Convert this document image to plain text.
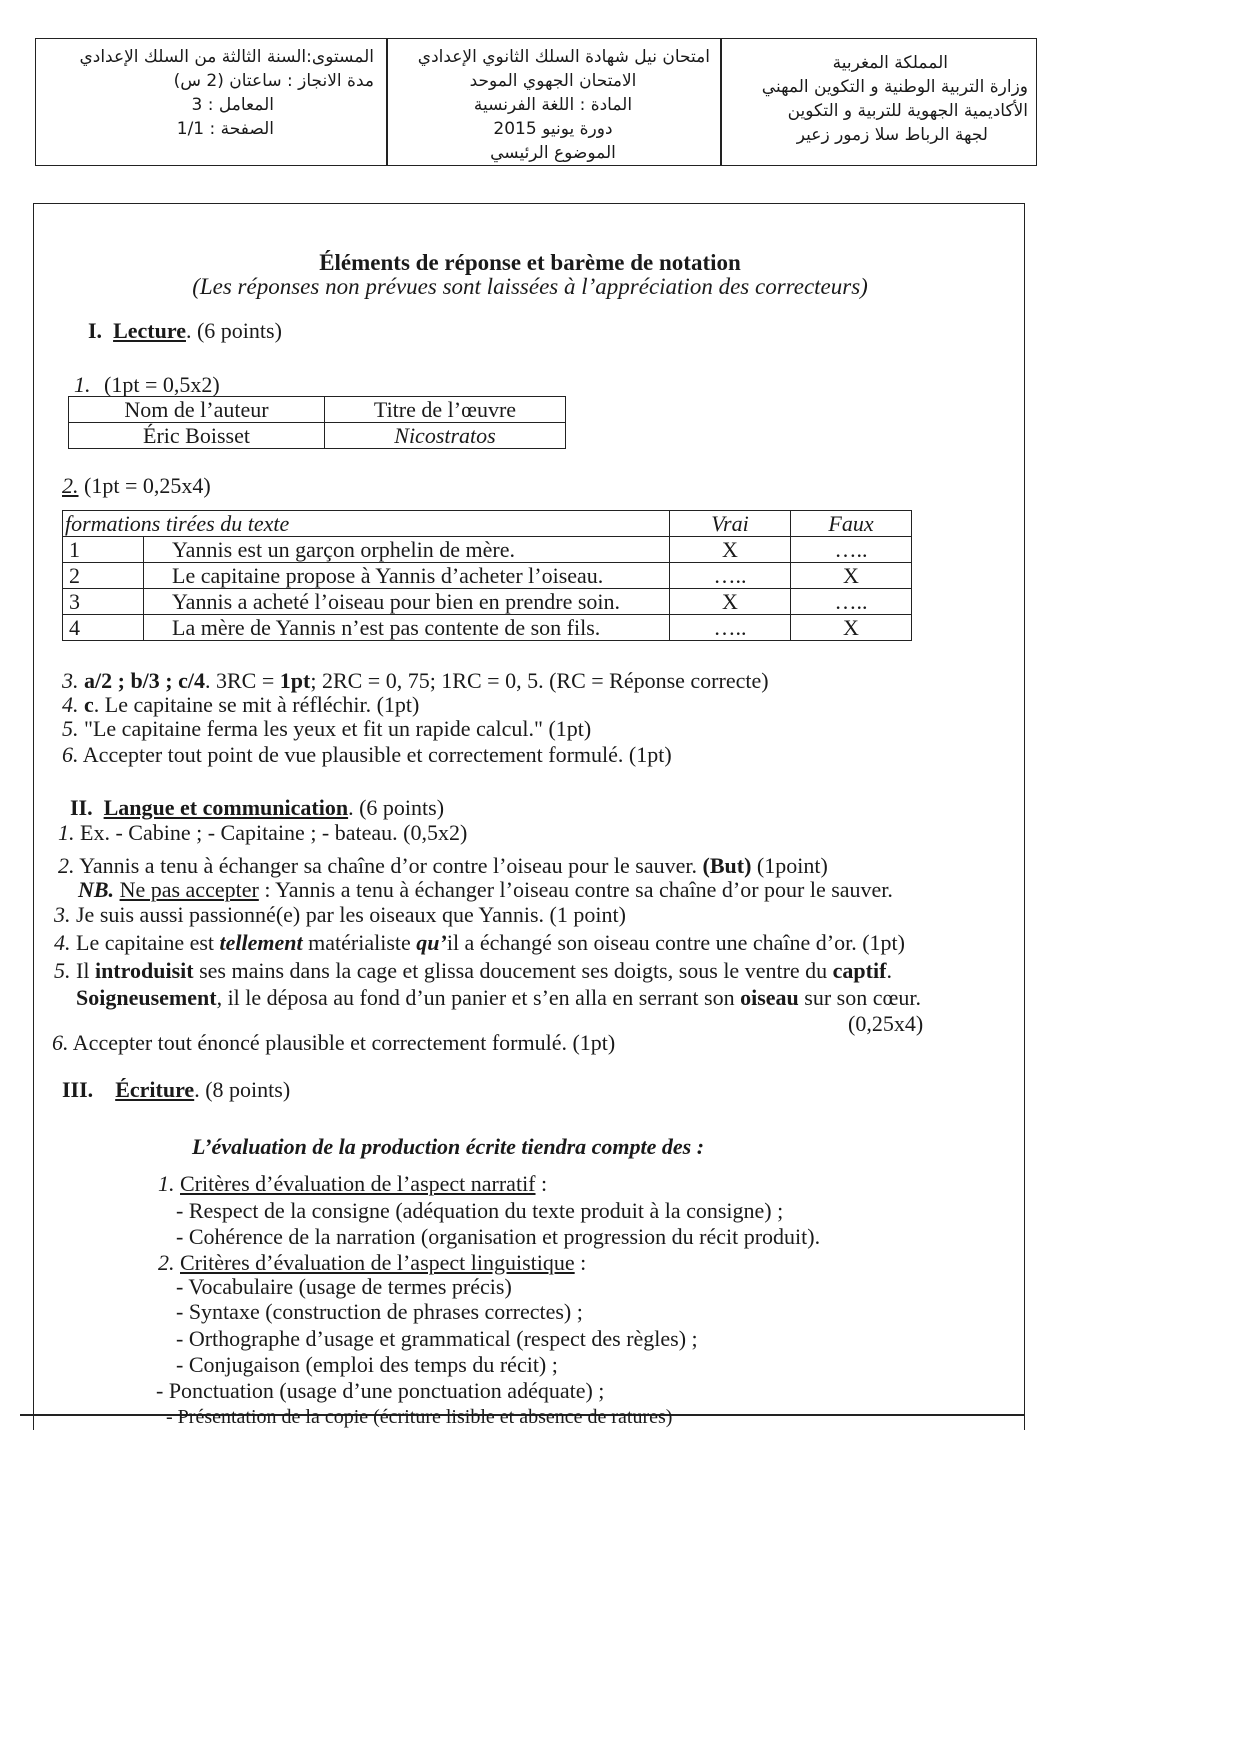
المستوى:السنة الثالثة من السلك الإعدادي
مدة الانجاز : ساعتان (2 س)
المعامل : 3
الصفحة : 1/1
امتحان نيل شهادة السلك الثانوي الإعدادي
الامتحان الجهوي الموحد
المادة : اللغة الفرنسية
دورة يونيو 2015
الموضوع الرئيسي
المملكة المغربية
وزارة التربية الوطنية و التكوين المهني
الأكاديمية الجهوية للتربية و التكوين
لجهة الرباط سلا زمور زعير
Éléments de réponse et barème de notation
(Les réponses non prévues sont laissées à l’appréciation des correcteurs)
I. Lecture. (6 points)
1. (1pt = 0,5x2)
Nom de l’auteur	Titre de l’œuvre
Éric Boisset	Nicostratos
2. (1pt = 0,25x4)
formations tirées du texte		Vrai	Faux
1	Yannis est un garçon orphelin de mère.	X	…..
2	Le capitaine propose à Yannis d’acheter l’oiseau.	…..	X
3	Yannis a acheté l’oiseau pour bien en prendre soin.	X	…..
4	La mère de Yannis n’est pas contente de son fils.	…..	X
3. a/2 ; b/3 ; c/4. 3RC = 1pt; 2RC = 0, 75; 1RC = 0, 5. (RC = Réponse correcte)
4. c. Le capitaine se mit à réfléchir. (1pt)
5. "Le capitaine ferma les yeux et fit un rapide calcul." (1pt)
6. Accepter tout point de vue plausible et correctement formulé. (1pt)
II. Langue et communication. (6 points)
1. Ex. - Cabine ; - Capitaine ; - bateau. (0,5x2)
2. Yannis a tenu à échanger sa chaîne d’or contre l’oiseau pour le sauver. (But) (1point)
NB. Ne pas accepter : Yannis a tenu à échanger l’oiseau contre sa chaîne d’or pour le sauver.
3. Je suis aussi passionné(e) par les oiseaux que Yannis. (1 point)
4. Le capitaine est tellement matérialiste qu’il a échangé son oiseau contre une chaîne d’or. (1pt)
5. Il introduisit ses mains dans la cage et glissa doucement ses doigts, sous le ventre du captif.
Soigneusement, il le déposa au fond d’un panier et s’en alla en serrant son oiseau sur son cœur.
(0,25x4)
6. Accepter tout énoncé plausible et correctement formulé. (1pt)
III. Écriture. (8 points)
L’évaluation de la production écrite tiendra compte des :
1. Critères d’évaluation de l’aspect narratif :
- Respect de la consigne (adéquation du texte produit à la consigne) ;
- Cohérence de la narration (organisation et progression du récit produit).
2. Critères d’évaluation de l’aspect linguistique :
- Vocabulaire (usage de termes précis)
- Syntaxe (construction de phrases correctes) ;
- Orthographe d’usage et grammatical (respect des règles) ;
- Conjugaison (emploi des temps du récit) ;
- Ponctuation (usage d’une ponctuation adéquate) ;
- Présentation de la copie (écriture lisible et absence de ratures)
